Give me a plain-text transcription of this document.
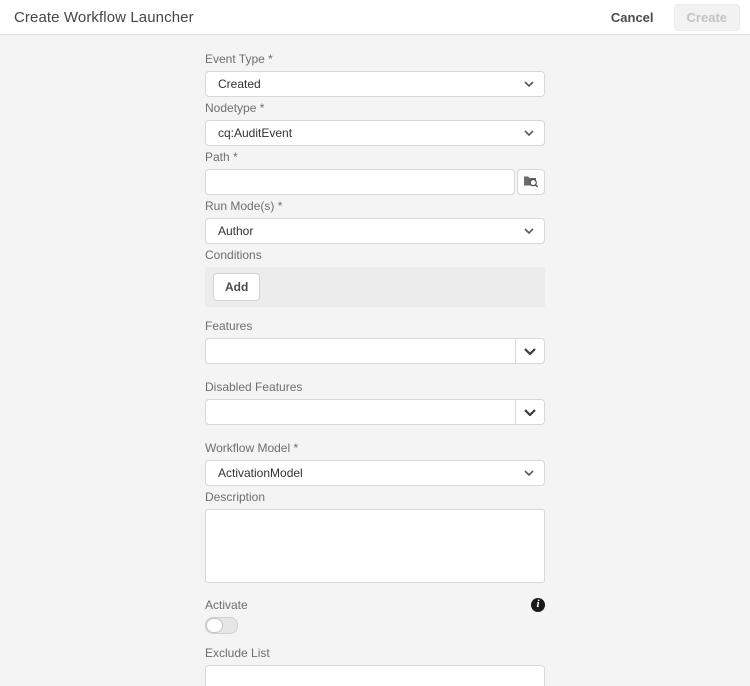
Create Workflow Launcher	Cancel	Create
Event Type *
Created
Nodetype *
cq:AuditEvent
Path *
Run Mode(s) *
Author
Conditions
Add
Features
Disabled Features
Workflow Model *
ActivationModel
Description
Activate	i
Exclude List
